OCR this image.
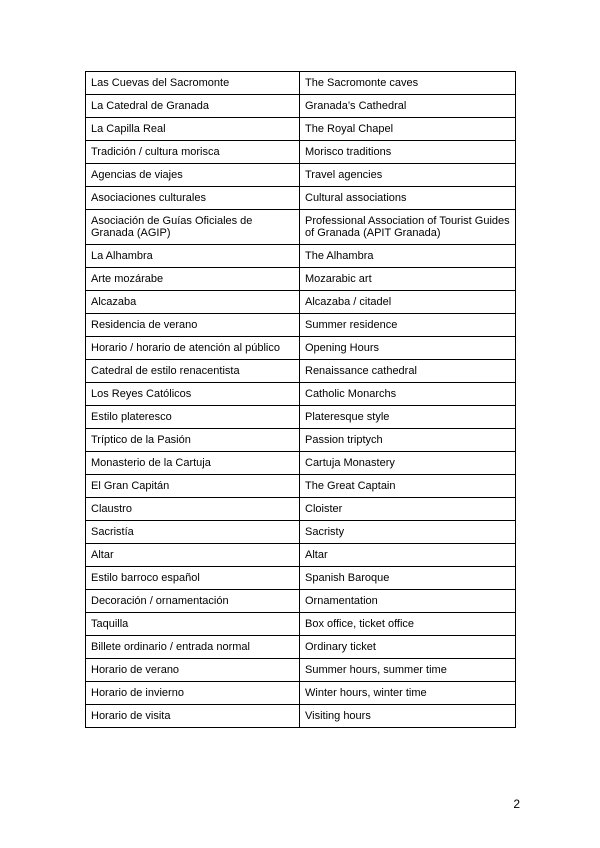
Las Cuevas del Sacromonte	The Sacromonte caves
La Catedral de Granada	Granada’s Cathedral
La Capilla Real	The Royal Chapel
Tradición / cultura morisca	Morisco traditions
Agencias de viajes	Travel agencies
Asociaciones culturales	Cultural associations
Asociación de Guías Oficiales de Granada (AGIP)	Professional Association of Tourist Guides of Granada (APIT Granada)
La Alhambra	The Alhambra
Arte mozárabe	Mozarabic art
Alcazaba	Alcazaba / citadel
Residencia de verano	Summer residence
Horario / horario de atención al público	Opening Hours
Catedral de estilo renacentista	Renaissance cathedral
Los Reyes Católicos	Catholic Monarchs
Estilo plateresco	Plateresque style
Tríptico de la Pasión	Passion triptych
Monasterio de la Cartuja	Cartuja Monastery
El Gran Capitán	The Great Captain
Claustro	Cloister
Sacristía	Sacristy
Altar	Altar
Estilo barroco español	Spanish Baroque
Decoración / ornamentación	Ornamentation
Taquilla	Box office, ticket office
Billete ordinario / entrada normal	Ordinary ticket
Horario de verano	Summer hours, summer time
Horario de invierno	Winter hours, winter time
Horario de visita	Visiting hours
2
